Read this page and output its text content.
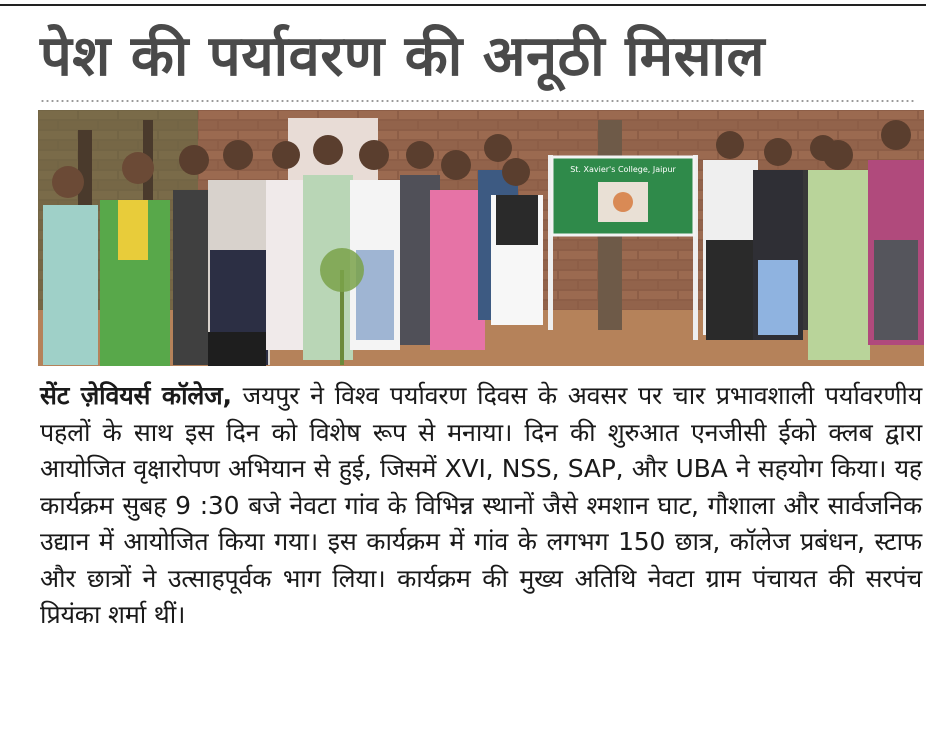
पेश की पर्यावरण की अनूठी मिसाल
St. Xavier's College, Jaipur
सेंट ज़ेवियर्स कॉलेज, जयपुर ने विश्व पर्यावरण दिवस के अवसर पर चार प्रभावशाली पर्यावरणीय पहलों के साथ इस दिन को विशेष रूप से मनाया। दिन की शुरुआत एनजीसी ईको क्लब द्वारा आयोजित वृक्षारोपण अभियान से हुई, जिसमें XVI, NSS, SAP, और UBA ने सहयोग किया। यह कार्यक्रम सुबह 9 :30 बजे नेवटा गांव के विभिन्न स्थानों जैसे श्मशान घाट, गौशाला और सार्वजनिक उद्यान में आयोजित किया गया। इस कार्यक्रम में गांव के लगभग 150 छात्र, कॉलेज प्रबंधन, स्टाफ और छात्रों ने उत्साहपूर्वक भाग लिया। कार्यक्रम की मुख्य अतिथि नेवटा ग्राम पंचायत की सरपंच प्रियंका शर्मा थीं।
